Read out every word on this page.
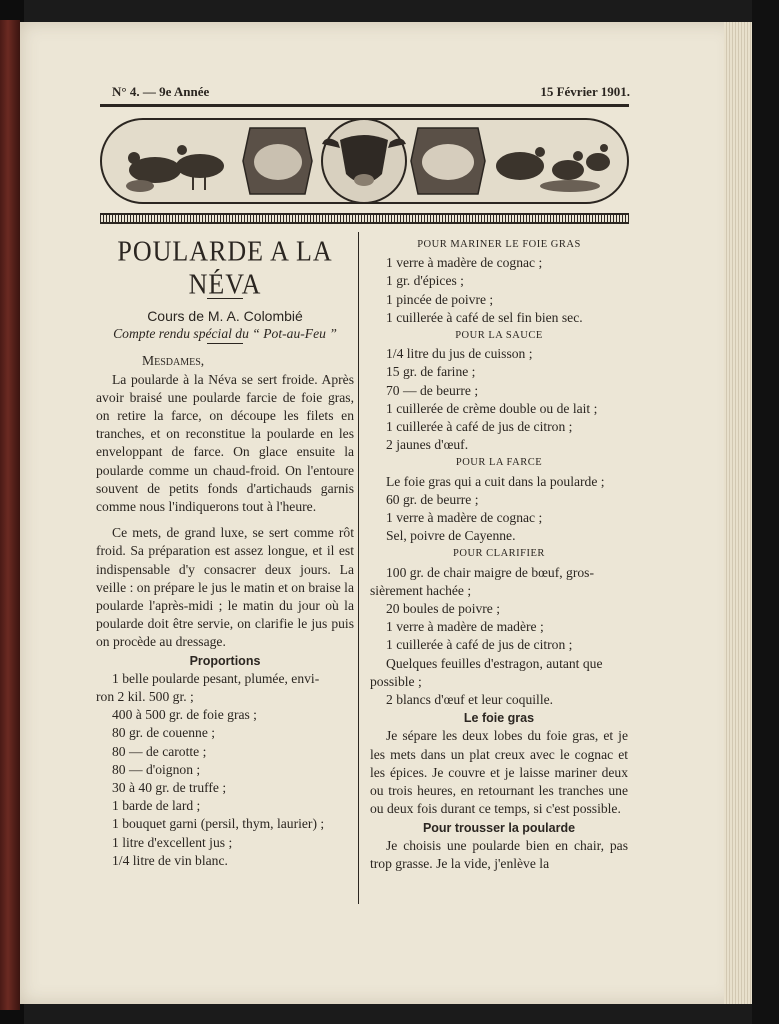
N° 4. — 9e Année	15 Février 1901.

POULARDE A LA NÉVA

Cours de M. A. Colombié

Compte rendu spécial du “ Pot-au-Feu ”

Mesdames,

La poularde à la Néva se sert froide. Après avoir braisé une poularde farcie de foie gras, on retire la farce, on découpe les filets en tranches, et on reconstitue la poularde en les enveloppant de farce. On glace ensuite la poularde comme un chaud-froid. On l'entoure souvent de petits fonds d'artichauds garnis comme nous l'indiquerons tout à l'heure.

Ce mets, de grand luxe, se sert comme rôt froid. Sa préparation est assez longue, et il est indispensable d'y consacrer deux jours. La veille : on prépare le jus le matin et on braise la poularde l'après-midi ; le matin du jour où la poularde doit être servie, on clarifie le jus puis on procède au dressage.

Proportions

1 belle poularde pesant, plumée, envi-

ron 2 kil. 500 gr. ;

400 à 500 gr. de foie gras ;

80 gr. de couenne ;

80 — de carotte ;

80 — d'oignon ;

30 à 40 gr. de truffe ;

1 barde de lard ;

1 bouquet garni (persil, thym, laurier) ;

1 litre d'excellent jus ;

1/4 litre de vin blanc.

POUR MARINER LE FOIE GRAS

1 verre à madère de cognac ;

1 gr. d'épices ;

1 pincée de poivre ;

1 cuillerée à café de sel fin bien sec.

POUR LA SAUCE

1/4 litre du jus de cuisson ;

15 gr. de farine ;

70 — de beurre ;

1 cuillerée de crème double ou de lait ;

1 cuillerée à café de jus de citron ;

2 jaunes d'œuf.

POUR LA FARCE

Le foie gras qui a cuit dans la poularde ;

60 gr. de beurre ;

1 verre à madère de cognac ;

Sel, poivre de Cayenne.

POUR CLARIFIER

100 gr. de chair maigre de bœuf, gros-

sièrement hachée ;

20 boules de poivre ;

1 verre à madère de madère ;

1 cuillerée à café de jus de citron ;

Quelques feuilles d'estragon, autant que

possible ;

2 blancs d'œuf et leur coquille.

Le foie gras

Je sépare les deux lobes du foie gras, et je les mets dans un plat creux avec le cognac et les épices. Je couvre et je laisse mariner deux ou trois heures, en retournant les tranches une ou deux fois durant ce temps, si c'est possible.

Pour trousser la poularde

Je choisis une poularde bien en chair, pas trop grasse. Je la vide, j'enlève la
